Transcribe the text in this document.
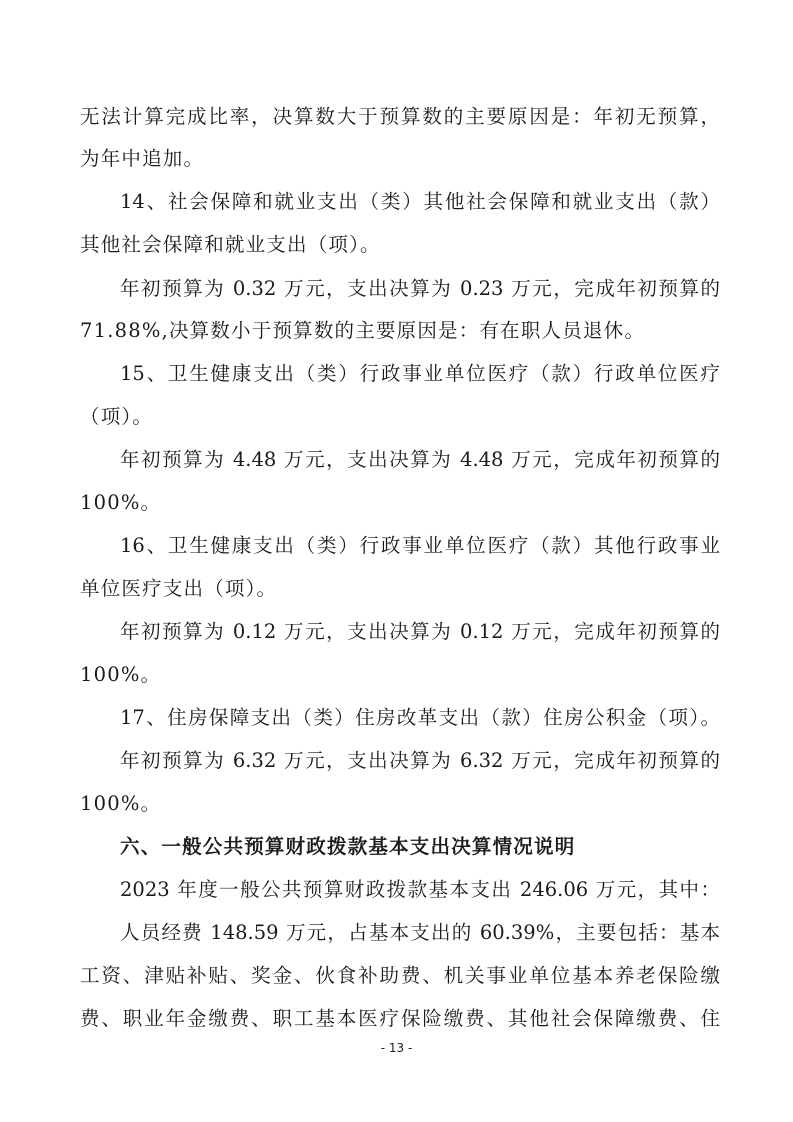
无法计算完成比率，决算数大于预算数的主要原因是：年初无预算，
为年中追加。
14、社会保障和就业支出（类）其他社会保障和就业支出（款）
其他社会保障和就业支出（项）。
年初预算为 0.32 万元，支出决算为 0.23 万元，完成年初预算的
71.88%,决算数小于预算数的主要原因是：有在职人员退休。
15、卫生健康支出（类）行政事业单位医疗（款）行政单位医疗
（项）。
年初预算为 4.48 万元，支出决算为 4.48 万元，完成年初预算的
100%。
16、卫生健康支出（类）行政事业单位医疗（款）其他行政事业
单位医疗支出（项）。
年初预算为 0.12 万元，支出决算为 0.12 万元，完成年初预算的
100%。
17、住房保障支出（类）住房改革支出（款）住房公积金（项）。
年初预算为 6.32 万元，支出决算为 6.32 万元，完成年初预算的
100%。
六、一般公共预算财政拨款基本支出决算情况说明
2023 年度一般公共预算财政拨款基本支出 246.06 万元，其中：
人员经费 148.59 万元，占基本支出的 60.39%，主要包括：基本
工资、津贴补贴、奖金、伙食补助费、机关事业单位基本养老保险缴
费、职业年金缴费、职工基本医疗保险缴费、其他社会保障缴费、住
- 13 -
